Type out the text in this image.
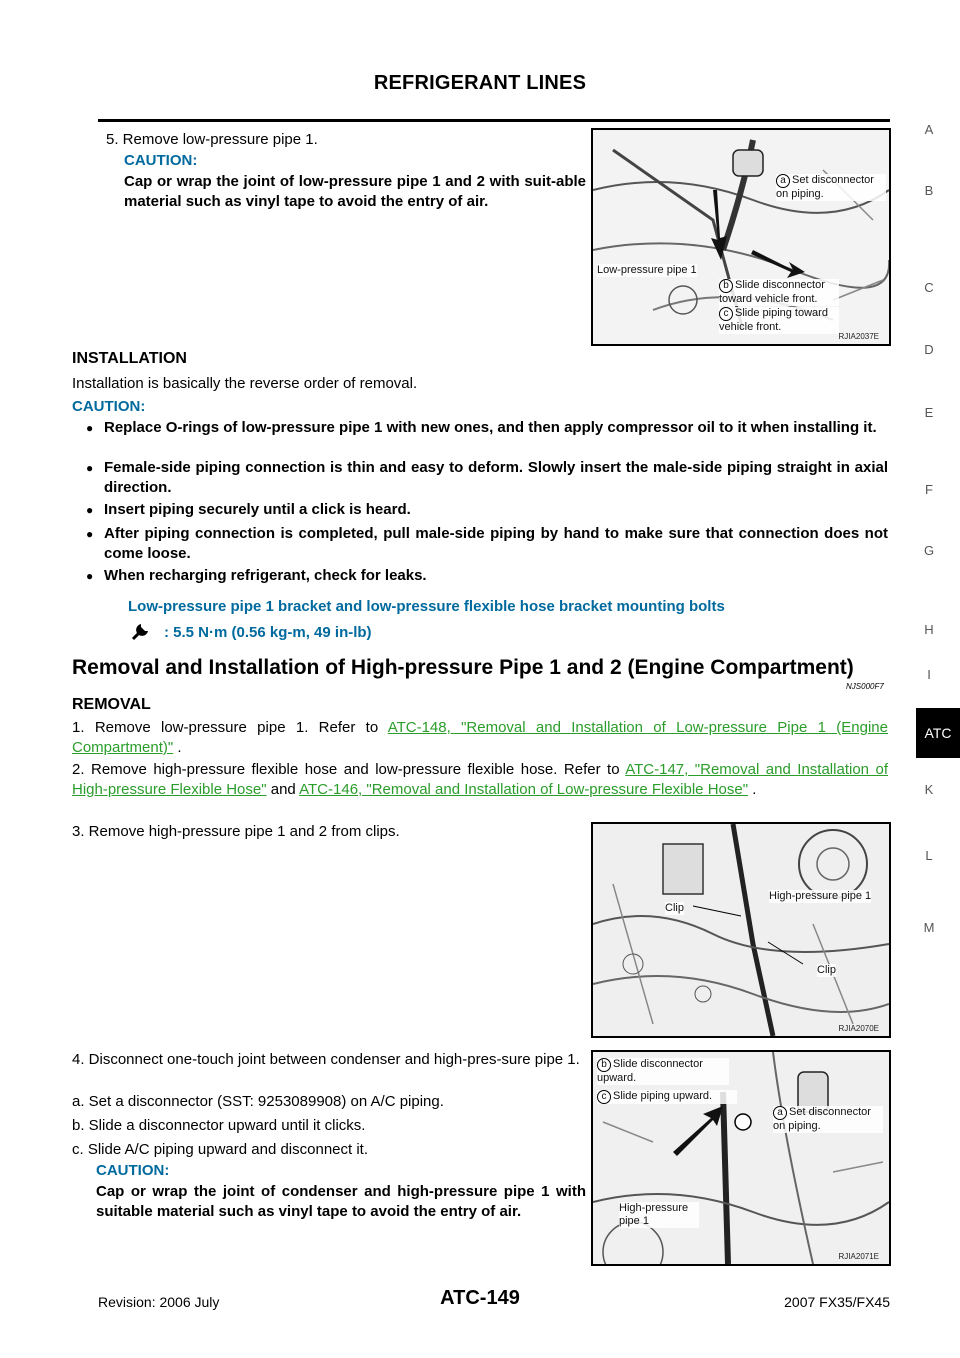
REFRIGERANT LINES
A
B
C
D
E
F
G
H
I
ATC
K
L
M
5. Remove low-pressure pipe 1.
CAUTION:
Cap or wrap the joint of low-pressure pipe 1 and 2 with suit-able material such as vinyl tape to avoid the entry of air.
a Set disconnector on piping.
Low-pressure pipe 1
b Slide disconnector toward vehicle front.
c Slide piping toward vehicle front.
RJIA2037E
INSTALLATION
Installation is basically the reverse order of removal.
CAUTION:
● Replace O-rings of low-pressure pipe 1 with new ones, and then apply compressor oil to it when installing it.
● Female-side piping connection is thin and easy to deform. Slowly insert the male-side piping straight in axial direction.
● Insert piping securely until a click is heard.
● After piping connection is completed, pull male-side piping by hand to make sure that connection does not come loose.
● When recharging refrigerant, check for leaks.
Low-pressure pipe 1 bracket and low-pressure flexible hose bracket mounting bolts
: 5.5 N·m (0.56 kg-m, 49 in-lb)
Removal and Installation of High-pressure Pipe 1 and 2 (Engine Compartment)
NJS000F7
REMOVAL
1. Remove low-pressure pipe 1. Refer to ATC-148, "Removal and Installation of Low-pressure Pipe 1 (Engine Compartment)" .
2. Remove high-pressure flexible hose and low-pressure flexible hose. Refer to ATC-147, "Removal and Installation of High-pressure Flexible Hose" and ATC-146, "Removal and Installation of Low-pressure Flexible Hose" .
3. Remove high-pressure pipe 1 and 2 from clips.
High-pressure pipe 1
Clip
Clip
RJIA2070E
4. Disconnect one-touch joint between condenser and high-pres-sure pipe 1.
a. Set a disconnector (SST: 9253089908) on A/C piping.
b. Slide a disconnector upward until it clicks.
c. Slide A/C piping upward and disconnect it.
CAUTION:
Cap or wrap the joint of condenser and high-pressure pipe 1 with suitable material such as vinyl tape to avoid the entry of air.
b Slide disconnector upward.
c Slide piping upward.
a Set disconnector on piping.
High-pressure pipe 1
RJIA2071E
Revision: 2006 July	ATC-149	2007 FX35/FX45
